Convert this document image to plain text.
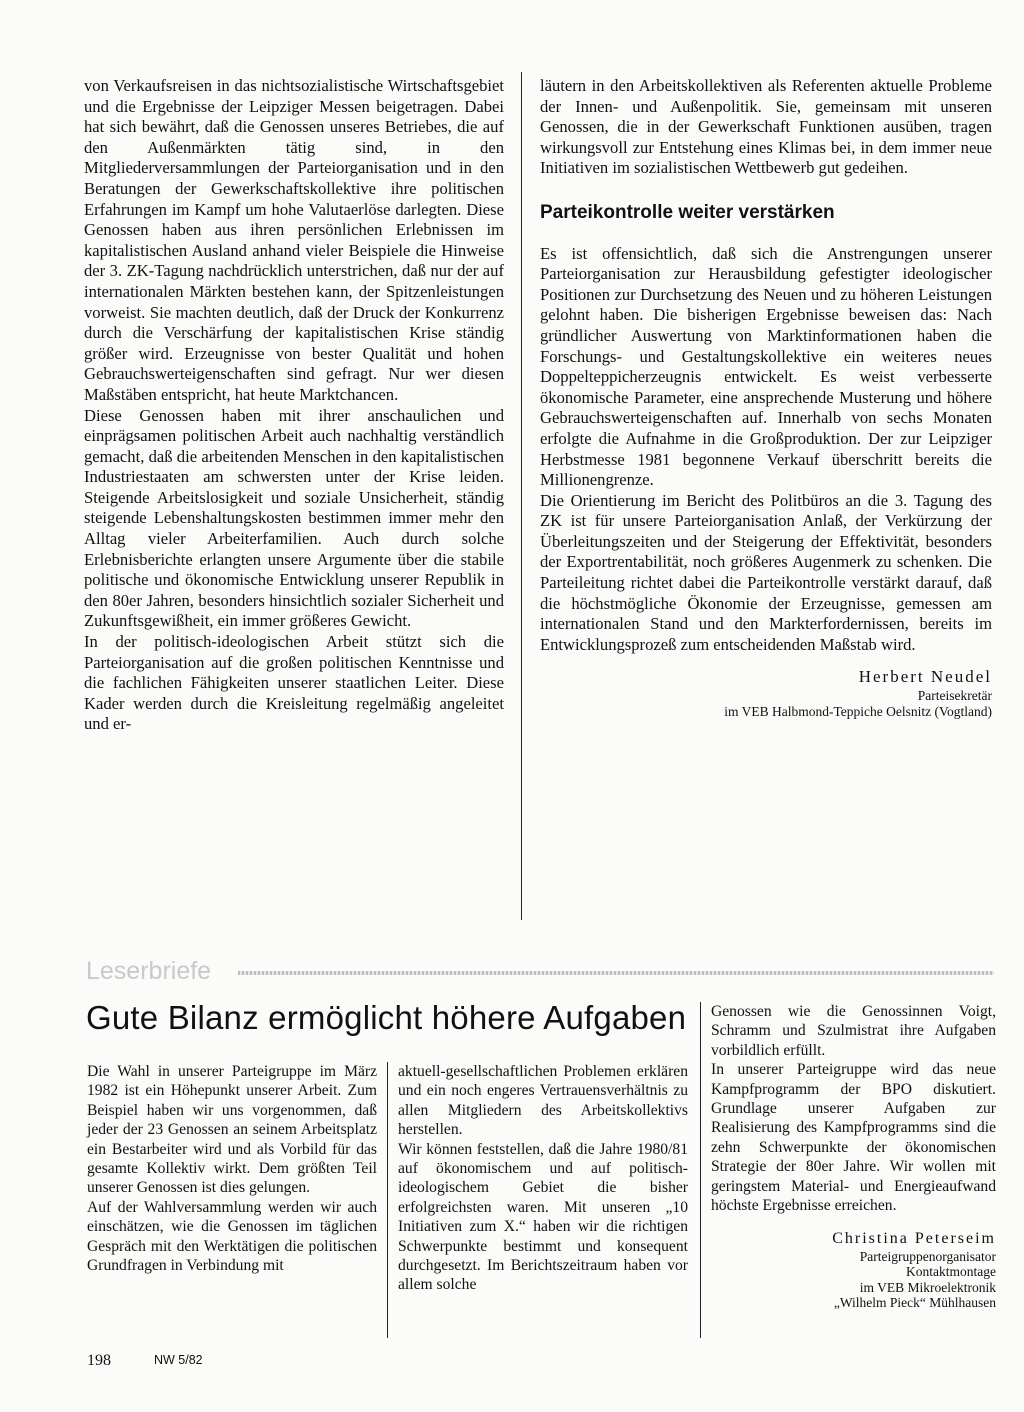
von Verkaufsreisen in das nichtsozialistische Wirtschaftsgebiet und die Ergebnisse der Leipziger Messen beigetragen. Dabei hat sich bewährt, daß die Genossen unseres Betriebes, die auf den Außenmärkten tätig sind, in den Mitgliederversammlungen der Parteiorganisation und in den Beratungen der Gewerkschaftskollektive ihre politischen Erfahrungen im Kampf um hohe Valutaerlöse darlegten. Diese Genossen haben aus ihren persönlichen Erlebnissen im kapitalistischen Ausland anhand vieler Beispiele die Hinweise der 3. ZK-Tagung nachdrücklich unterstrichen, daß nur der auf internationalen Märkten bestehen kann, der Spitzenleistungen vorweist. Sie machten deutlich, daß der Druck der Konkurrenz durch die Verschärfung der kapitalistischen Krise ständig größer wird. Erzeugnisse von bester Qualität und hohen Gebrauchswerteigenschaften sind gefragt. Nur wer diesen Maßstäben entspricht, hat heute Marktchancen.

Diese Genossen haben mit ihrer anschaulichen und einprägsamen politischen Arbeit auch nachhaltig verständlich gemacht, daß die arbeitenden Menschen in den kapitalistischen Industriestaaten am schwersten unter der Krise leiden. Steigende Arbeitslosigkeit und soziale Unsicherheit, ständig steigende Lebenshaltungskosten bestimmen immer mehr den Alltag vieler Arbeiterfamilien. Auch durch solche Erlebnisberichte erlangten unsere Argumente über die stabile politische und ökonomische Entwicklung unserer Republik in den 80er Jahren, besonders hinsichtlich sozialer Sicherheit und Zukunftsgewißheit, ein immer größeres Gewicht.

In der politisch-ideologischen Arbeit stützt sich die Parteiorganisation auf die großen politischen Kenntnisse und die fachlichen Fähigkeiten unserer staatlichen Leiter. Diese Kader werden durch die Kreisleitung regelmäßig angeleitet und er-

läutern in den Arbeitskollektiven als Referenten aktuelle Probleme der Innen- und Außenpolitik. Sie, gemeinsam mit unseren Genossen, die in der Gewerkschaft Funktionen ausüben, tragen wirkungsvoll zur Entstehung eines Klimas bei, in dem immer neue Initiativen im sozialistischen Wettbewerb gut gedeihen.

Parteikontrolle weiter verstärken

Es ist offensichtlich, daß sich die Anstrengungen unserer Parteiorganisation zur Herausbildung gefestigter ideologischer Positionen zur Durchsetzung des Neuen und zu höheren Leistungen gelohnt haben. Die bisherigen Ergebnisse beweisen das: Nach gründlicher Auswertung von Marktinformationen haben die Forschungs- und Gestaltungskollektive ein weiteres neues Doppelteppicherzeugnis entwickelt. Es weist verbesserte ökonomische Parameter, eine ansprechende Musterung und höhere Gebrauchswerteigenschaften auf. Innerhalb von sechs Monaten erfolgte die Aufnahme in die Großproduktion. Der zur Leipziger Herbstmesse 1981 begonnene Verkauf überschritt bereits die Millionengrenze.

Die Orientierung im Bericht des Politbüros an die 3. Tagung des ZK ist für unsere Parteiorganisation Anlaß, der Verkürzung der Überleitungszeiten und der Steigerung der Effektivität, besonders der Exportrentabilität, noch größeres Augenmerk zu schenken. Die Parteileitung richtet dabei die Parteikontrolle verstärkt darauf, daß die höchstmögliche Ökonomie der Erzeugnisse, gemessen am internationalen Stand und den Markterfordernissen, bereits im Entwicklungsprozeß zum entscheidenden Maßstab wird.

Herbert Neudel

Parteisekretär

im VEB Halbmond-Teppiche Oelsnitz (Vogtland)

Leserbriefe
Gute Bilanz ermöglicht höhere Aufgaben

Die Wahl in unserer Parteigruppe im März 1982 ist ein Höhepunkt unserer Arbeit. Zum Beispiel haben wir uns vorgenommen, daß jeder der 23 Genossen an seinem Arbeitsplatz ein Bestarbeiter wird und als Vorbild für das gesamte Kollektiv wirkt. Dem größten Teil unserer Genossen ist dies gelungen.

Auf der Wahlversammlung werden wir auch einschätzen, wie die Genossen im täglichen Gespräch mit den Werktätigen die politischen Grundfragen in Verbindung mit

aktuell-gesellschaftlichen Problemen erklären und ein noch engeres Vertrauensverhältnis zu allen Mitgliedern des Arbeitskollektivs herstellen.

Wir können feststellen, daß die Jahre 1980/81 auf ökonomischem und auf politisch-ideologischem Gebiet die bisher erfolgreichsten waren. Mit unseren „10 Initiativen zum X.“ haben wir die richtigen Schwerpunkte bestimmt und konsequent durchgesetzt. Im Berichtszeitraum haben vor allem solche

Genossen wie die Genossinnen Voigt, Schramm und Szulmistrat ihre Aufgaben vorbildlich erfüllt.

In unserer Parteigruppe wird das neue Kampfprogramm der BPO diskutiert. Grundlage unserer Aufgaben zur Realisierung des Kampfprogramms sind die zehn Schwerpunkte der ökonomischen Strategie der 80er Jahre. Wir wollen mit geringstem Material- und Energieaufwand höchste Ergebnisse erreichen.

Christina Peterseim

Parteigruppenorganisator

Kontaktmontage

im VEB Mikroelektronik

„Wilhelm Pieck“ Mühlhausen

198	NW 5/82
